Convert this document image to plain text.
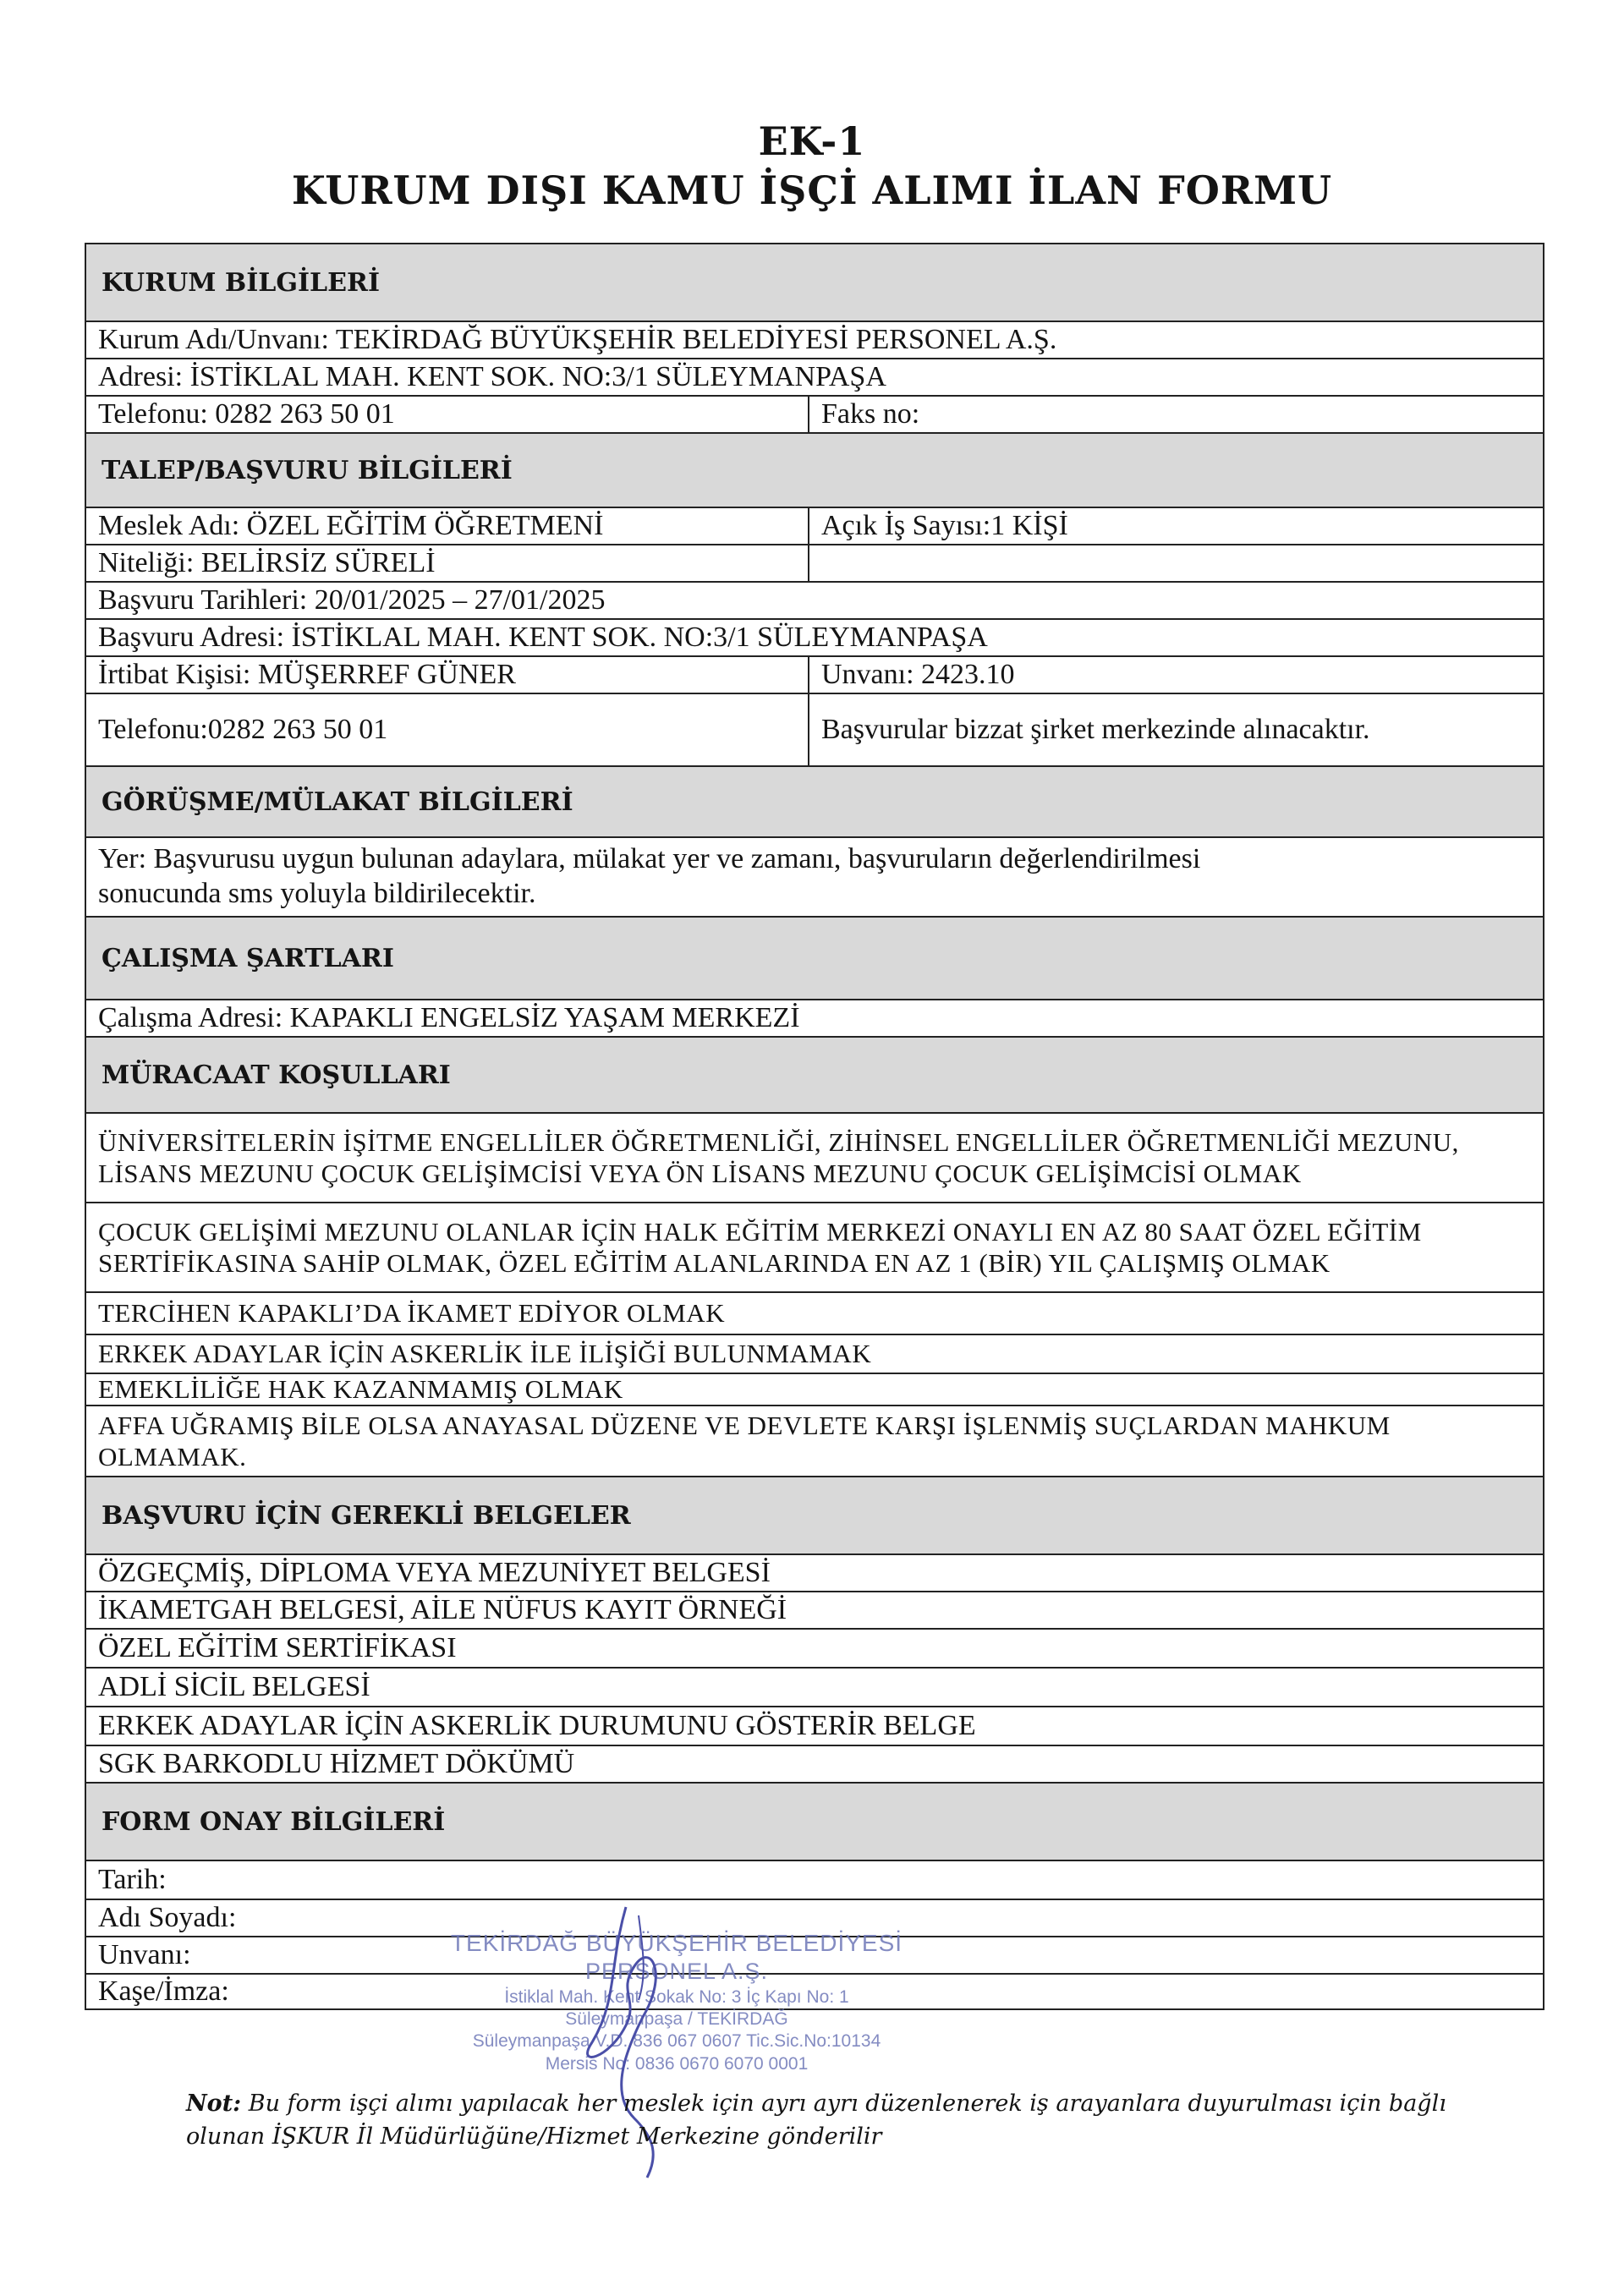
EK-1
KURUM DIŞI KAMU İŞÇİ ALIMI İLAN FORMU
KURUM BİLGİLERİ
Kurum Adı/Unvanı: TEKİRDAĞ BÜYÜKŞEHİR BELEDİYESİ PERSONEL A.Ş.
Adresi: İSTİKLAL MAH. KENT SOK. NO:3/1 SÜLEYMANPAŞA
Telefonu: 0282 263 50 01	Faks no:
TALEP/BAŞVURU BİLGİLERİ
Meslek Adı: ÖZEL EĞİTİM ÖĞRETMENİ	Açık İş Sayısı:1 KİŞİ
Niteliği: BELİRSİZ SÜRELİ
Başvuru Tarihleri: 20/01/2025 – 27/01/2025
Başvuru Adresi: İSTİKLAL MAH. KENT SOK. NO:3/1 SÜLEYMANPAŞA
İrtibat Kişisi: MÜŞERREF GÜNER	Unvanı: 2423.10
Telefonu:0282 263 50 01	Başvurular bizzat şirket merkezinde alınacaktır.
GÖRÜŞME/MÜLAKAT BİLGİLERİ
Yer: Başvurusu uygun bulunan adaylara, mülakat yer ve zamanı, başvuruların değerlendirilmesi
sonucunda sms yoluyla bildirilecektir.
ÇALIŞMA ŞARTLARI
Çalışma Adresi: KAPAKLI ENGELSİZ YAŞAM MERKEZİ
MÜRACAAT KOŞULLARI
ÜNİVERSİTELERİN İŞİTME ENGELLİLER ÖĞRETMENLİĞİ, ZİHİNSEL ENGELLİLER ÖĞRETMENLİĞİ MEZUNU,
LİSANS MEZUNU ÇOCUK GELİŞİMCİSİ VEYA ÖN LİSANS MEZUNU ÇOCUK GELİŞİMCİSİ OLMAK
ÇOCUK GELİŞİMİ MEZUNU OLANLAR İÇİN HALK EĞİTİM MERKEZİ ONAYLI EN AZ 80 SAAT ÖZEL EĞİTİM
SERTİFİKASINA SAHİP OLMAK, ÖZEL EĞİTİM ALANLARINDA EN AZ 1 (BİR) YIL ÇALIŞMIŞ OLMAK
TERCİHEN KAPAKLI’DA İKAMET EDİYOR OLMAK
ERKEK ADAYLAR İÇİN ASKERLİK İLE İLİŞİĞİ BULUNMAMAK
EMEKLİLİĞE HAK KAZANMAMIŞ OLMAK
AFFA UĞRAMIŞ BİLE OLSA ANAYASAL DÜZENE VE DEVLETE KARŞI İŞLENMİŞ SUÇLARDAN MAHKUM
OLMAMAK.
BAŞVURU İÇİN GEREKLİ BELGELER
ÖZGEÇMİŞ, DİPLOMA VEYA MEZUNİYET BELGESİ
İKAMETGAH BELGESİ, AİLE NÜFUS KAYIT ÖRNEĞİ
ÖZEL EĞİTİM SERTİFİKASI
ADLİ SİCİL BELGESİ
ERKEK ADAYLAR İÇİN ASKERLİK DURUMUNU GÖSTERİR BELGE
SGK BARKODLU HİZMET DÖKÜMÜ
FORM ONAY BİLGİLERİ
Tarih:
Adı Soyadı:
Unvanı:
Kaşe/İmza:
TEKİRDAĞ BÜYÜKŞEHİR BELEDİYESİ
PERSONEL A.Ş.
İstiklal Mah. Kent Sokak No: 3 İç Kapı No: 1
Süleymanpaşa / TEKİRDAĞ
Süleymanpaşa V.D. 836 067 0607 Tic.Sic.No:10134
Mersis No: 0836 0670 6070 0001
Not: Bu form işçi alımı yapılacak her meslek için ayrı ayrı düzenlenerek iş arayanlara duyurulması için bağlı olunan İŞKUR İl Müdürlüğüne/Hizmet Merkezine gönderilir
